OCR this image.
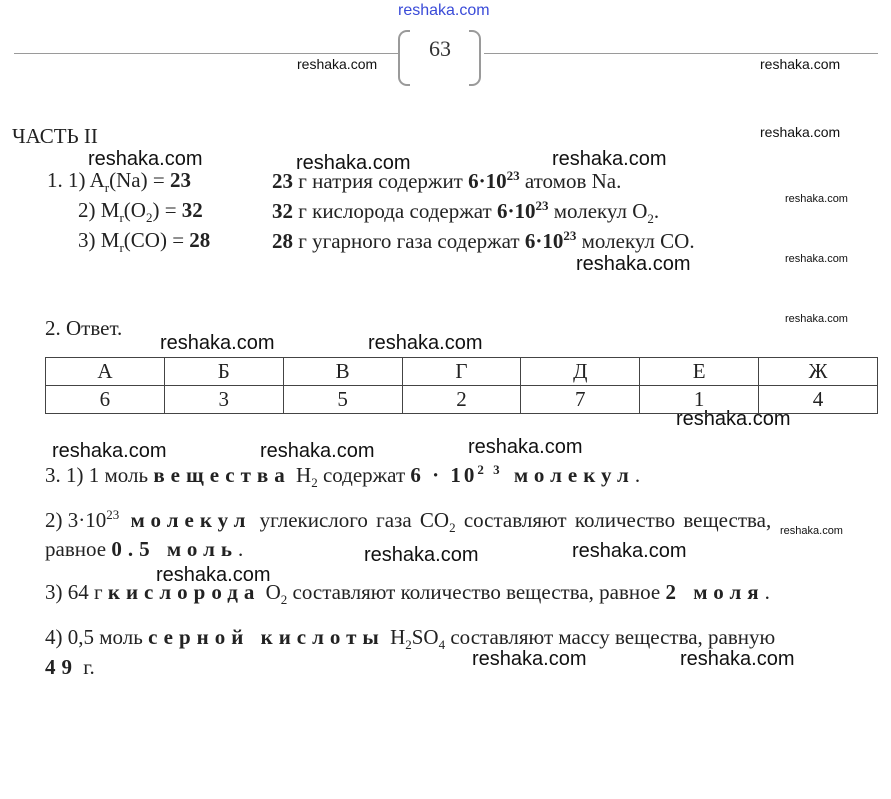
reshaka.com
63
reshaka.com	reshaka.com
ЧАСТЬ II	reshaka.com
reshaka.com	reshaka.com	reshaka.com
reshaka.com
reshaka.com	reshaka.com
reshaka.com
reshaka.com	reshaka.com
reshaka.com
reshaka.com	reshaka.com	reshaka.com
reshaka.com
reshaka.com	reshaka.com
reshaka.com
reshaka.com	reshaka.com
1. 1) $A_r(Na) = 23$	23 г натрия содержит $6\cdot 10^{23}$ атомов Na.
2) $M_r(O_2) = 32$	32 г кислорода содержат $6\cdot 10^{23}$ молекул $O_2$.
3) $M_r(CO) = 28$	28 г угарного газа содержат $6\cdot 10^{23}$ молекул CO.
2. Ответ.
А	Б	В	Г	Д	Е	Ж
6	3	5	2	7	1	4
3. 1) 1 моль вещества $H_2$ содержат $6 \cdot 10^{2 3}$ молекул.
2) $3\cdot 10^{23}$ молекул углекислого газа $CO_2$ составляют количество вещества,
равное 0.5 моль.
3) 64 г кислорода $O_2$ составляют количество вещества, равное 2 моля.
4) 0,5 моль серной кислоты $H_2SO_4$ составляют массу вещества, равную
49 г.
